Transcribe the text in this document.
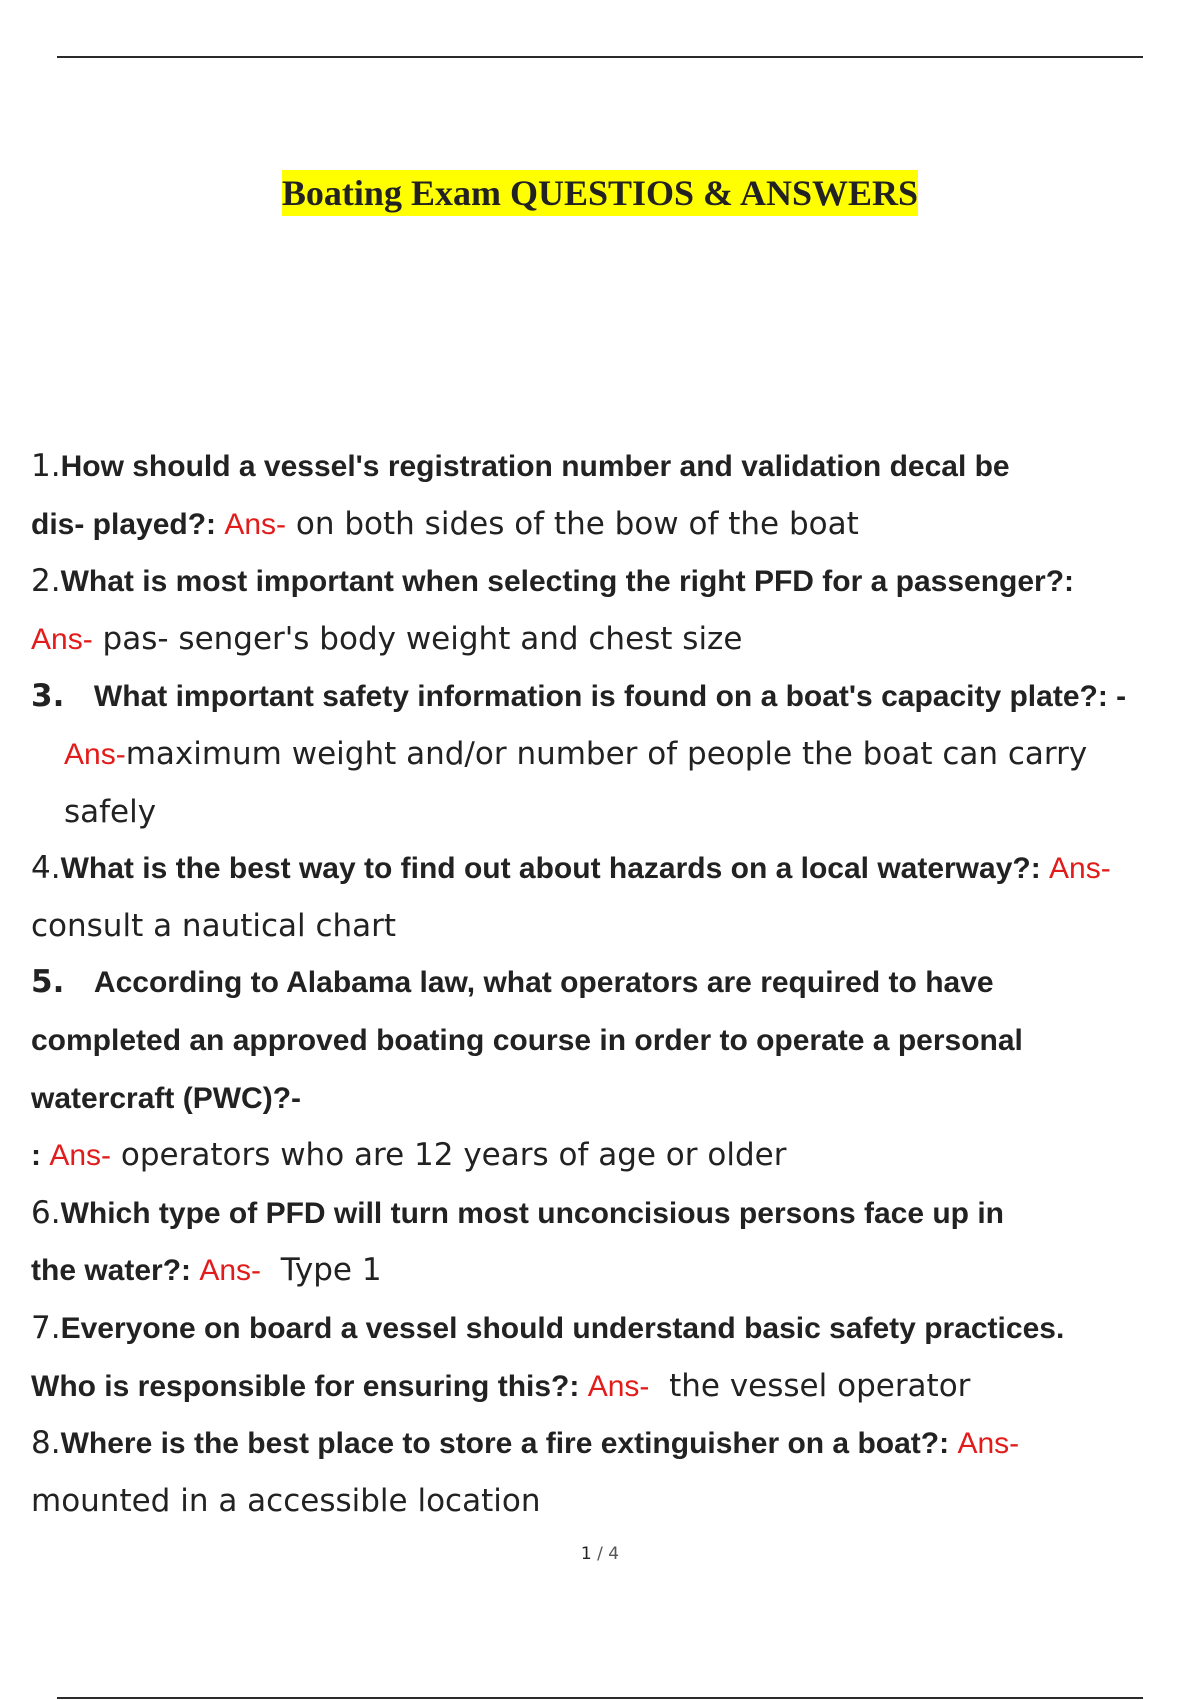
Boating Exam QUESTIOS & ANSWERS
1.How should a vessel's registration number and validation decal be
dis- played?: Ans- on both sides of the bow of the boat
2.What is most important when selecting the right PFD for a passenger?:
Ans- pas- senger's body weight and chest size
3. What important safety information is found on a boat's capacity plate?: -
Ans-maximum weight and/or number of people the boat can carry
safely
4.What is the best way to find out about hazards on a local waterway?: Ans-
consult a nautical chart
5. According to Alabama law, what operators are required to have
completed an approved boating course in order to operate a personal
watercraft (PWC)?-
: Ans- operators who are 12 years of age or older
6.Which type of PFD will turn most unconcisious persons face up in
the water?: Ans- Type 1
7.Everyone on board a vessel should understand basic safety practices.
Who is responsible for ensuring this?: Ans- the vessel operator
8.Where is the best place to store a fire extinguisher on a boat?: Ans-
mounted in a accessible location
1 / 4
